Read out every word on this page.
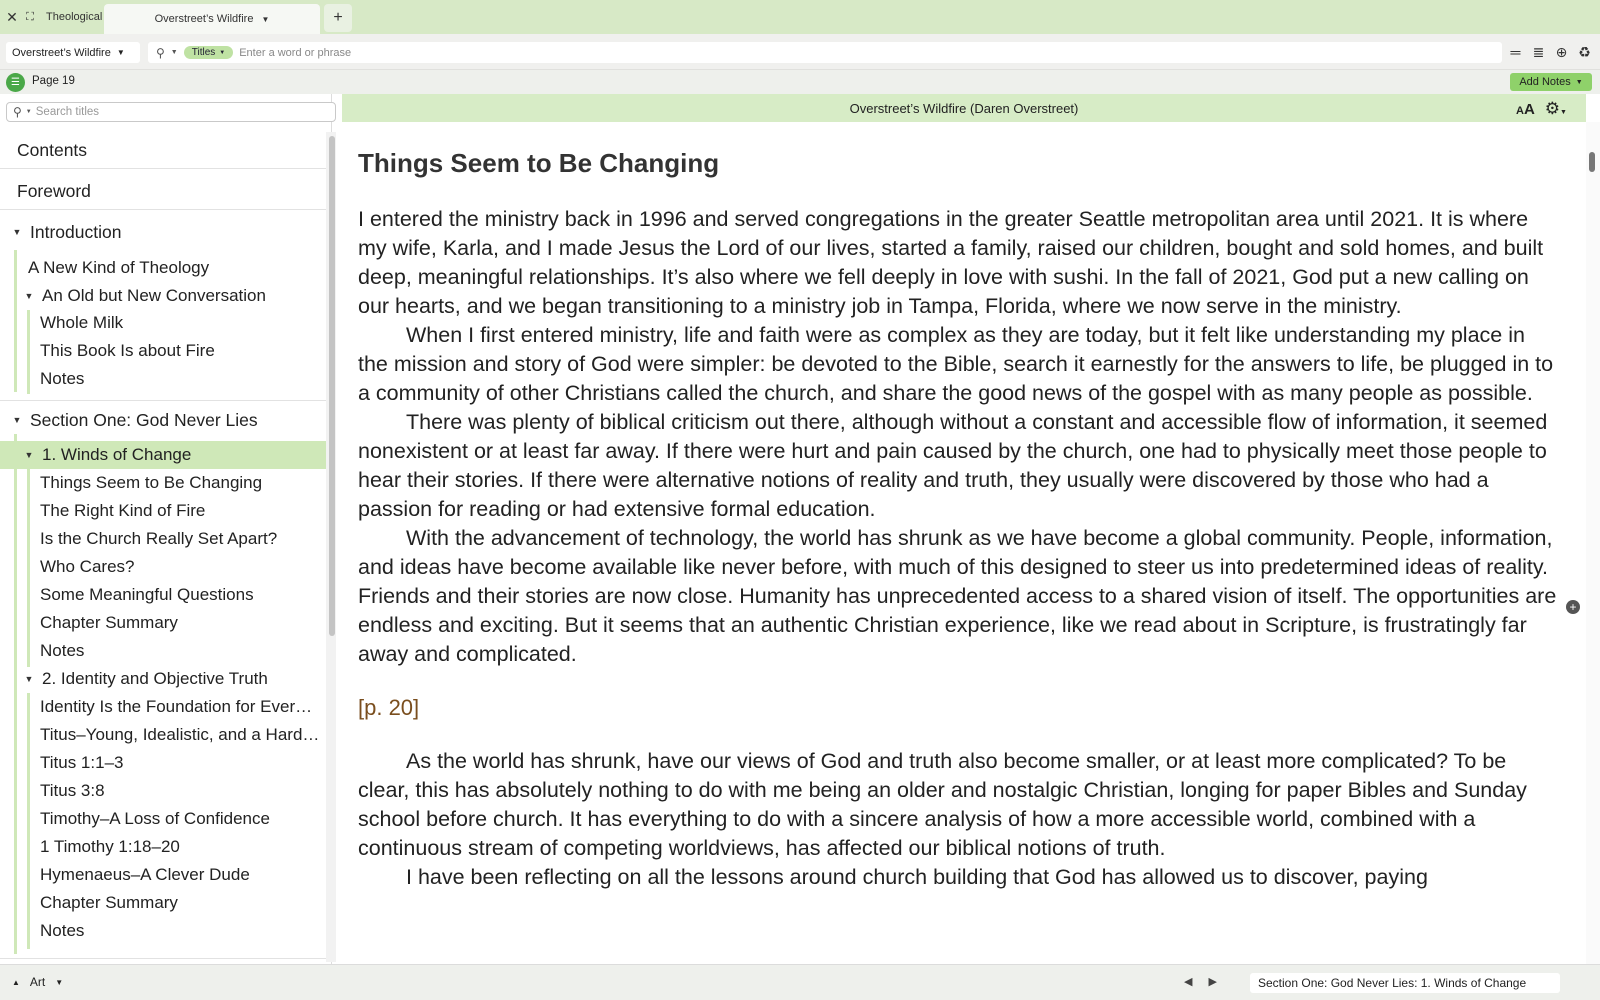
✕ ⛶	Theological	Overstreet’s Wildfire ▼	+
Overstreet’s Wildfire ▼	⚲ ▼ Titles ▼
Enter a word or phrase	═ ≣ ⊕ ♻
☰	Page 19	Add Notes ▼
⚲ ▼
Search titles
Contents
Foreword
▼ Introduction
A New Kind of Theology
▼ An Old but New Conversation
Whole Milk
This Book Is about Fire
Notes
▼ Section One: God Never Lies
▼ 1. Winds of Change
Things Seem to Be Changing
The Right Kind of Fire
Is the Church Really Set Apart?
Who Cares?
Some Meaningful Questions
Chapter Summary
Notes
▼ 2. Identity and Objective Truth
Identity Is the Foundation for Ever…
Titus–Young, Idealistic, and a Hard…
Titus 1:1–3
Titus 3:8
Timothy–A Loss of Confidence
1 Timothy 1:18–20
Hymenaeus–A Clever Dude
Chapter Summary
Notes
Overstreet’s Wildfire (Daren Overstreet)	AA ⚙▼
Things Seem to Be Changing

I entered the ministry back in 1996 and served congregations in the greater Seattle metropolitan area until 2021. It is where my wife, Karla, and I made Jesus the Lord of our lives, started a family, raised our children, bought and sold homes, and built deep, meaningful relationships. It’s also where we fell deeply in love with sushi. In the fall of 2021, God put a new calling on our hearts, and we began transitioning to a ministry job in Tampa, Florida, where we now serve in the ministry.

When I first entered ministry, life and faith were as complex as they are today, but it felt like understanding my place in the mission and story of God were simpler: be devoted to the Bible, search it earnestly for the answers to life, be plugged in to a community of other Christians called the church, and share the good news of the gospel with as many people as possible.

There was plenty of biblical criticism out there, although without a constant and accessible flow of information, it seemed nonexistent or at least far away. If there were hurt and pain caused by the church, one had to physically meet those people to hear their stories. If there were alternative notions of reality and truth, they usually were discovered by those who had a passion for reading or had extensive formal education.

With the advancement of technology, the world has shrunk as we have become a global community. People, information, and ideas have become available like never before, with much of this designed to steer us into predetermined ideas of reality. Friends and their stories are now close. Humanity has unprecedented access to a shared vision of itself. The opportunities are endless and exciting. But it seems that an authentic Christian experience, like we read about in Scripture, is frustratingly far away and complicated.

[p. 20]

As the world has shrunk, have our views of God and truth also become smaller, or at least more complicated? To be clear, this has absolutely nothing to do with me being an older and nostalgic Christian, longing for paper Bibles and Sunday school before church. It has everything to do with a sincere analysis of how a more accessible world, combined with a continuous stream of competing worldviews, has affected our biblical notions of truth.

I have been reflecting on all the lessons around church building that God has allowed us to discover, paying

+
▲ Art ▼	◀ ▶	Section One: God Never Lies: 1. Winds of Change
